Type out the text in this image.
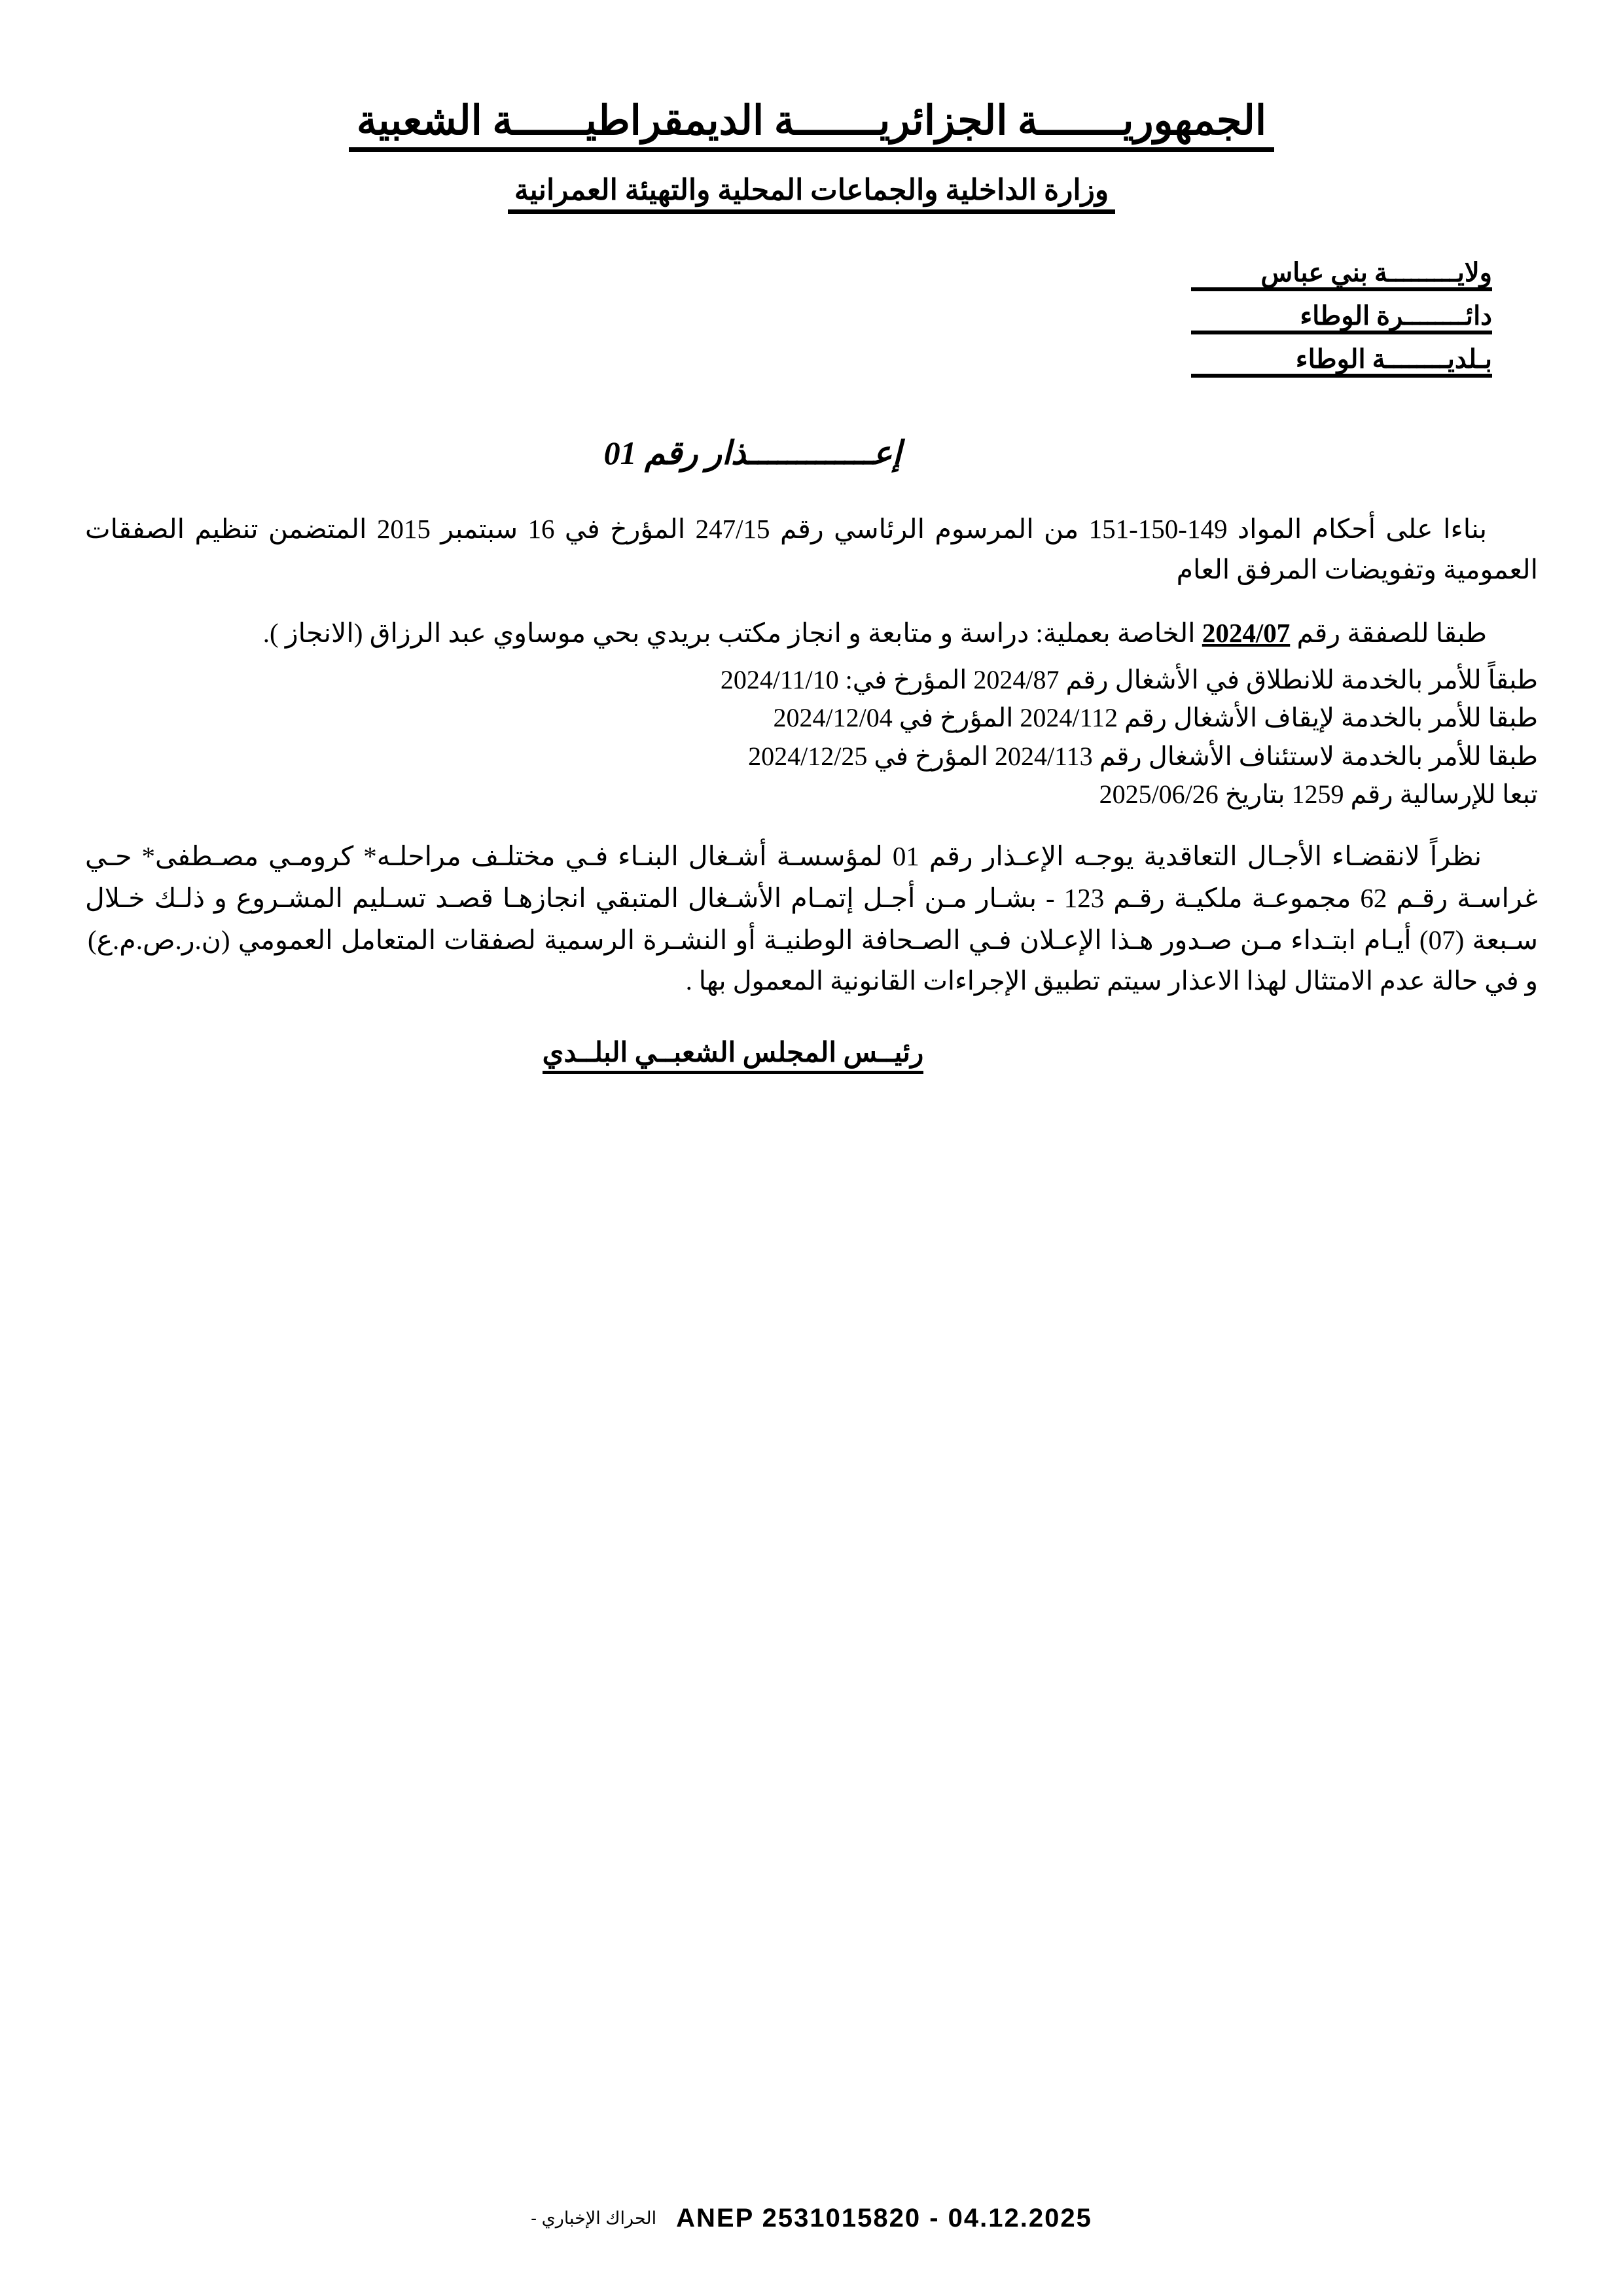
الجمهوريـــــــة الجزائريـــــــة الديمقراطيــــــة الشعبية
وزارة الداخلية والجماعات المحلية والتهيئة العمرانية
ولايـــــــــة بني عباس
دائــــــــرة الوطاء
بـلديــــــــة الوطاء
إعـــــــــــــذار رقم 01

بناءا على أحكام المواد 149-150-151 من المرسوم الرئاسي رقم 247/15 المؤرخ في 16 سبتمبر 2015 المتضمن تنظيم الصفقات العمومية وتفويضات المرفق العام

طبقا للصفقة رقم 2024/07 الخاصة بعملية: دراسة و متابعة و انجاز مكتب بريدي بحي موساوي عبد الرزاق (الانجاز ).

طبقاً للأمر بالخدمة للانطلاق في الأشغال رقم 2024/87 المؤرخ في: 2024/11/10

طبقا للأمر بالخدمة لإيقاف الأشغال رقم 2024/112 المؤرخ في 2024/12/04

طبقا للأمر بالخدمة لاستئناف الأشغال رقم 2024/113 المؤرخ في 2024/12/25

تبعا للإرسالية رقم 1259 بتاريخ 2025/06/26

نظراً لانقضـاء الأجـال التعاقدية يوجـه الإعـذار رقم 01 لمؤسسـة أشـغال البنـاء فـي مختلـف مراحلـه* كرومـي مصـطفى* حـي غراسـة رقـم 62 مجموعـة ملكيـة رقـم 123 - بشـار مـن أجـل إتمـام الأشـغال المتبقي انجازهـا قصـد تسـليم المشـروع و ذلـك خـلال سـبعة (07) أيـام ابتـداء مـن صـدور هـذا الإعـلان فـي الصـحافة الوطنيـة أو النشـرة الرسمية لصفقات المتعامل العمومي (ن.ر.ص.م.ع)

و في حالة عدم الامتثال لهذا الاعذار سيتم تطبيق الإجراءات القانونية المعمول بها .

رئيــس المجلس الشعبــي البلــدي
ANEP 2531015820 - 04.12.2025 الحراك الإخباري -
